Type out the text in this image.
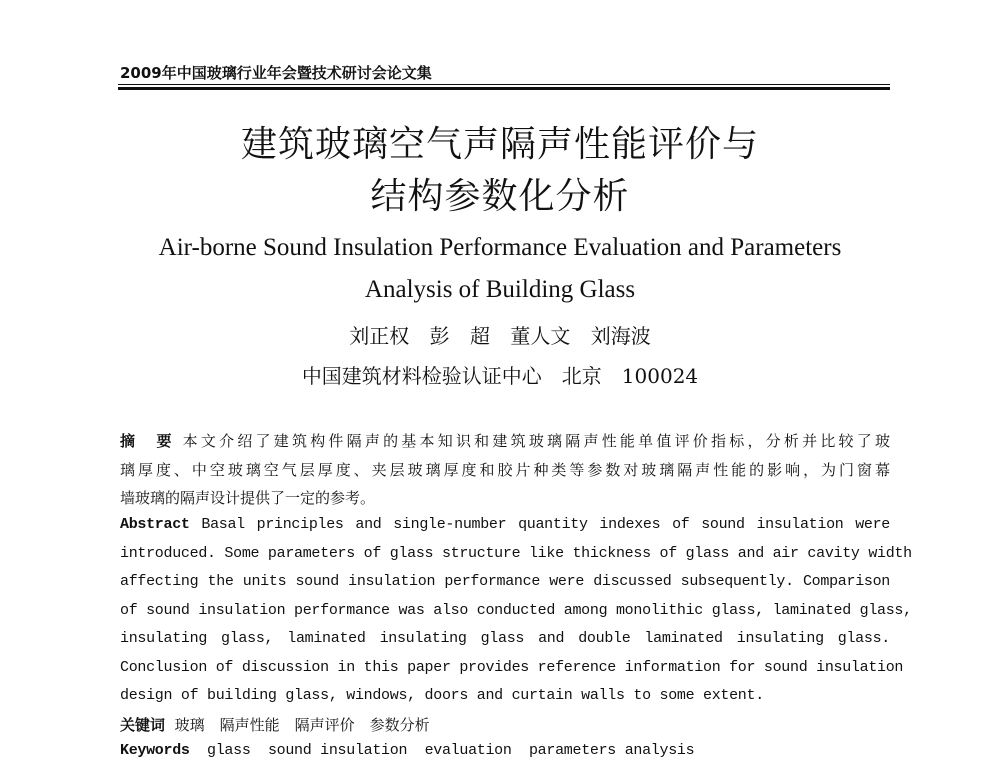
2009年中国玻璃行业年会暨技术研讨会论文集
建筑玻璃空气声隔声性能评价与
结构参数化分析
Air-borne Sound Insulation Performance Evaluation and Parameters
Analysis of Building Glass
刘正权 彭 超 董人文 刘海波
中国建筑材料检验认证中心　北京　100024
摘　要 本文介绍了建筑构件隔声的基本知识和建筑玻璃隔声性能单值评价指标，分析并比较了玻
璃厚度、中空玻璃空气层厚度、夹层玻璃厚度和胶片种类等参数对玻璃隔声性能的影响，为门窗幕
墙玻璃的隔声设计提供了一定的参考。
Abstract Basal principles and single-number quantity indexes of sound insulation were
introduced. Some parameters of glass structure like thickness of glass and air cavity width
affecting the units sound insulation performance were discussed subsequently. Comparison
of sound insulation performance was also conducted among monolithic glass, laminated glass,
insulating glass, laminated insulating glass and double laminated insulating glass.
Conclusion of discussion in this paper provides reference information for sound insulation
design of building glass, windows, doors and curtain walls to some extent.
关键词 玻璃　隔声性能　隔声评价　参数分析
Keywords glass  sound insulation  evaluation  parameters analysis
